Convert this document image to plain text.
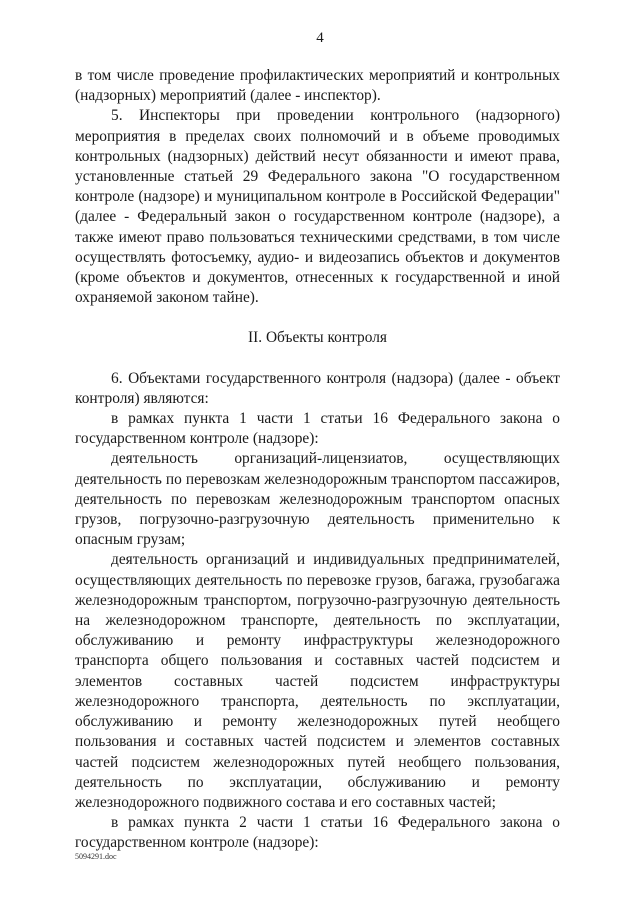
4

в том числе проведение профилактических мероприятий и контрольных (надзорных) мероприятий (далее - инспектор).

5. Инспекторы при проведении контрольного (надзорного) мероприятия в пределах своих полномочий и в объеме проводимых контрольных (надзорных) действий несут обязанности и имеют права, установленные статьей 29 Федерального закона "О государственном контроле (надзоре) и муниципальном контроле в Российской Федерации" (далее - Федеральный закон о государственном контроле (надзоре), а также имеют право пользоваться техническими средствами, в том числе осуществлять фотосъемку, аудио- и видеозапись объектов и документов (кроме объектов и документов, отнесенных к государственной и иной охраняемой законом тайне).

II. Объекты контроля

6. Объектами государственного контроля (надзора) (далее - объект контроля) являются:

в рамках пункта 1 части 1 статьи 16 Федерального закона о государственном контроле (надзоре):

деятельность организаций-лицензиатов, осуществляющих деятельность по перевозкам железнодорожным транспортом пассажиров, деятельность по перевозкам железнодорожным транспортом опасных грузов, погрузочно-разгрузочную деятельность применительно к опасным грузам;

деятельность организаций и индивидуальных предпринимателей, осуществляющих деятельность по перевозке грузов, багажа, грузобагажа железнодорожным транспортом, погрузочно-разгрузочную деятельность на железнодорожном транспорте, деятельность по эксплуатации, обслуживанию и ремонту инфраструктуры железнодорожного транспорта общего пользования и составных частей подсистем и элементов составных частей подсистем инфраструктуры железнодорожного транспорта, деятельность по эксплуатации, обслуживанию и ремонту железнодорожных путей необщего пользования и составных частей подсистем и элементов составных частей подсистем железнодорожных путей необщего пользования, деятельность по эксплуатации, обслуживанию и ремонту железнодорожного подвижного состава и его составных частей;

в рамках пункта 2 части 1 статьи 16 Федерального закона о государственном контроле (надзоре):

5094291.doc
